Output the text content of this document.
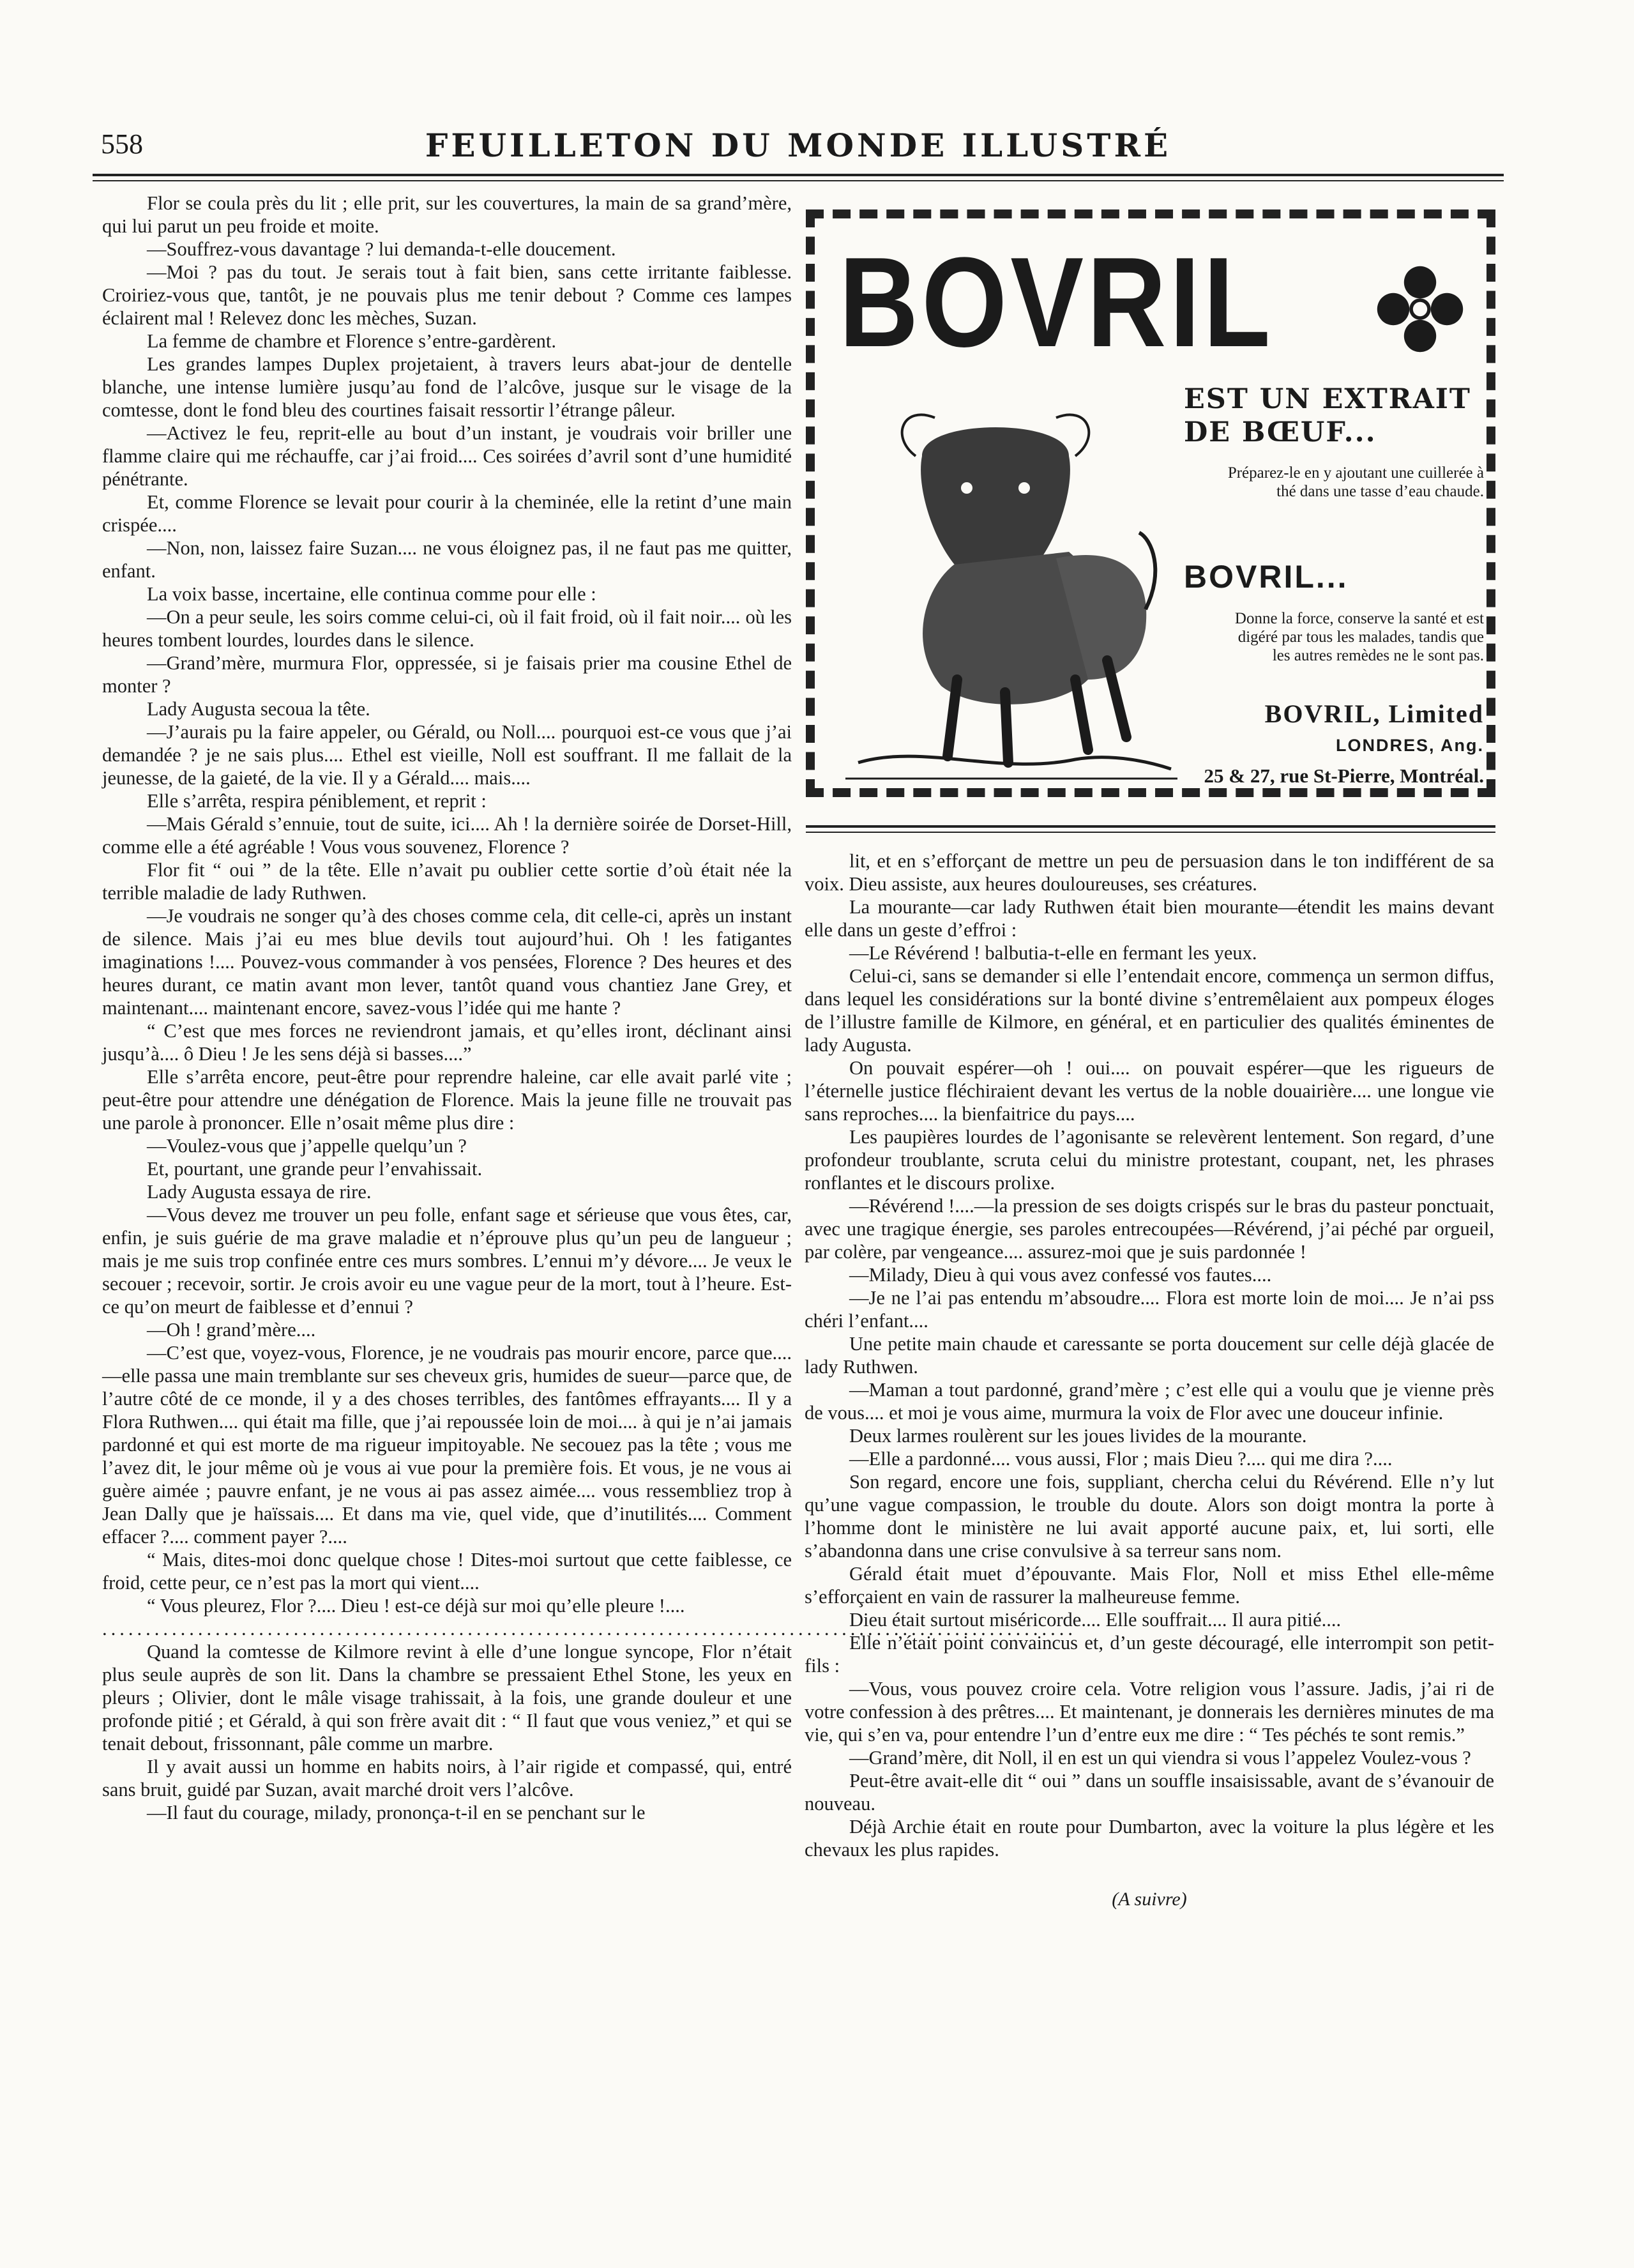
558	FEUILLETON DU MONDE ILLUSTRÉ

Flor se coula près du lit ; elle prit, sur les couvertures, la main de sa grand’mère, qui lui parut un peu froide et moite.

—Souffrez-vous davantage ? lui demanda-t-elle doucement.

—Moi ? pas du tout. Je serais tout à fait bien, sans cette irritante faiblesse. Croiriez-vous que, tantôt, je ne pouvais plus me tenir debout ? Comme ces lampes éclairent mal ! Relevez donc les mèches, Suzan.

La femme de chambre et Florence s’entre-gardèrent.

Les grandes lampes Duplex projetaient, à travers leurs abat-jour de dentelle blanche, une intense lumière jusqu’au fond de l’alcôve, jusque sur le visage de la comtesse, dont le fond bleu des courtines faisait ressortir l’étrange pâleur.

—Activez le feu, reprit-elle au bout d’un instant, je voudrais voir briller une flamme claire qui me réchauffe, car j’ai froid.... Ces soirées d’avril sont d’une humidité pénétrante.

Et, comme Florence se levait pour courir à la cheminée, elle la retint d’une main crispée....

—Non, non, laissez faire Suzan.... ne vous éloignez pas, il ne faut pas me quitter, enfant.

La voix basse, incertaine, elle continua comme pour elle :

—On a peur seule, les soirs comme celui-ci, où il fait froid, où il fait noir.... où les heures tombent lourdes, lourdes dans le silence.

—Grand’mère, murmura Flor, oppressée, si je faisais prier ma cousine Ethel de monter ?

Lady Augusta secoua la tête.

—J’aurais pu la faire appeler, ou Gérald, ou Noll.... pourquoi est-ce vous que j’ai demandée ? je ne sais plus.... Ethel est vieille, Noll est souffrant. Il me fallait de la jeunesse, de la gaieté, de la vie. Il y a Gérald.... mais....

Elle s’arrêta, respira péniblement, et reprit :

—Mais Gérald s’ennuie, tout de suite, ici.... Ah ! la dernière soirée de Dorset-Hill, comme elle a été agréable ! Vous vous souvenez, Florence ?

Flor fit “ oui ” de la tête. Elle n’avait pu oublier cette sortie d’où était née la terrible maladie de lady Ruthwen.

—Je voudrais ne songer qu’à des choses comme cela, dit celle-ci, après un instant de silence. Mais j’ai eu mes blue devils tout aujourd’hui. Oh ! les fatigantes imaginations !.... Pouvez-vous commander à vos pensées, Florence ? Des heures et des heures durant, ce matin avant mon lever, tantôt quand vous chantiez Jane Grey, et maintenant.... maintenant encore, savez-vous l’idée qui me hante ?

“ C’est que mes forces ne reviendront jamais, et qu’elles iront, déclinant ainsi jusqu’à.... ô Dieu ! Je les sens déjà si basses....”

Elle s’arrêta encore, peut-être pour reprendre haleine, car elle avait parlé vite ; peut-être pour attendre une dénégation de Florence. Mais la jeune fille ne trouvait pas une parole à prononcer. Elle n’osait même plus dire :

—Voulez-vous que j’appelle quelqu’un ?

Et, pourtant, une grande peur l’envahissait.

Lady Augusta essaya de rire.

—Vous devez me trouver un peu folle, enfant sage et sérieuse que vous êtes, car, enfin, je suis guérie de ma grave maladie et n’éprouve plus qu’un peu de langueur ; mais je me suis trop confinée entre ces murs sombres. L’ennui m’y dévore.... Je veux le secouer ; recevoir, sortir. Je crois avoir eu une vague peur de la mort, tout à l’heure. Est-ce qu’on meurt de faiblesse et d’ennui ?

—Oh ! grand’mère....

—C’est que, voyez-vous, Florence, je ne voudrais pas mourir encore, parce que....—elle passa une main tremblante sur ses cheveux gris, humides de sueur—parce que, de l’autre côté de ce monde, il y a des choses terribles, des fantômes effrayants.... Il y a Flora Ruthwen.... qui était ma fille, que j’ai repoussée loin de moi.... à qui je n’ai jamais pardonné et qui est morte de ma rigueur impitoyable. Ne secouez pas la tête ; vous me l’avez dit, le jour même où je vous ai vue pour la première fois. Et vous, je ne vous ai guère aimée ; pauvre enfant, je ne vous ai pas assez aimée.... vous ressembliez trop à Jean Dally que je haïssais.... Et dans ma vie, quel vide, que d’inutilités.... Comment effacer ?.... comment payer ?....

“ Mais, dites-moi donc quelque chose ! Dites-moi surtout que cette faiblesse, ce froid, cette peur, ce n’est pas la mort qui vient....

“ Vous pleurez, Flor ?.... Dieu ! est-ce déjà sur moi qu’elle pleure !....

................................................................................................................

Quand la comtesse de Kilmore revint à elle d’une longue syncope, Flor n’était plus seule auprès de son lit. Dans la chambre se pressaient Ethel Stone, les yeux en pleurs ; Olivier, dont le mâle visage trahissait, à la fois, une grande douleur et une profonde pitié ; et Gérald, à qui son frère avait dit : “ Il faut que vous veniez,” et qui se tenait debout, frissonnant, pâle comme un marbre.

Il y avait aussi un homme en habits noirs, à l’air rigide et compassé, qui, entré sans bruit, guidé par Suzan, avait marché droit vers l’alcôve.

—Il faut du courage, milady, prononça-t-il en se penchant sur le

BOVRIL
EST UN EXTRAIT
DE BŒUF...
Préparez-le en y ajoutant une cuillerée à thé dans une tasse d’eau chaude.
BOVRIL...
Donne la force, conserve la santé et est digéré par tous les malades, tandis que les autres remèdes ne le sont pas.
BOVRIL, Limited
LONDRES, Ang.
25 & 27, rue St-Pierre, Montréal.

lit, et en s’efforçant de mettre un peu de persuasion dans le ton indifférent de sa voix. Dieu assiste, aux heures douloureuses, ses créatures.

La mourante—car lady Ruthwen était bien mourante—étendit les mains devant elle dans un geste d’effroi :

—Le Révérend ! balbutia-t-elle en fermant les yeux.

Celui-ci, sans se demander si elle l’entendait encore, commença un sermon diffus, dans lequel les considérations sur la bonté divine s’entremêlaient aux pompeux éloges de l’illustre famille de Kilmore, en général, et en particulier des qualités éminentes de lady Augusta.

On pouvait espérer—oh ! oui.... on pouvait espérer—que les rigueurs de l’éternelle justice fléchiraient devant les vertus de la noble douairière.... une longue vie sans reproches.... la bienfaitrice du pays....

Les paupières lourdes de l’agonisante se relevèrent lentement. Son regard, d’une profondeur troublante, scruta celui du ministre protestant, coupant, net, les phrases ronflantes et le discours prolixe.

—Révérend !....—la pression de ses doigts crispés sur le bras du pasteur ponctuait, avec une tragique énergie, ses paroles entrecoupées—Révérend, j’ai péché par orgueil, par colère, par vengeance.... assurez-moi que je suis pardonnée !

—Milady, Dieu à qui vous avez confessé vos fautes....

—Je ne l’ai pas entendu m’absoudre.... Flora est morte loin de moi.... Je n’ai pss chéri l’enfant....

Une petite main chaude et caressante se porta doucement sur celle déjà glacée de lady Ruthwen.

—Maman a tout pardonné, grand’mère ; c’est elle qui a voulu que je vienne près de vous.... et moi je vous aime, murmura la voix de Flor avec une douceur infinie.

Deux larmes roulèrent sur les joues livides de la mourante.

—Elle a pardonné.... vous aussi, Flor ; mais Dieu ?.... qui me dira ?....

Son regard, encore une fois, suppliant, chercha celui du Révérend. Elle n’y lut qu’une vague compassion, le trouble du doute. Alors son doigt montra la porte à l’homme dont le ministère ne lui avait apporté aucune paix, et, lui sorti, elle s’abandonna dans une crise convulsive à sa terreur sans nom.

Gérald était muet d’épouvante. Mais Flor, Noll et miss Ethel elle-même s’efforçaient en vain de rassurer la malheureuse femme.

Dieu était surtout miséricorde.... Elle souffrait.... Il aura pitié....

Elle n’était point convaincus et, d’un geste découragé, elle interrompit son petit-fils :

—Vous, vous pouvez croire cela. Votre religion vous l’assure. Jadis, j’ai ri de votre confession à des prêtres.... Et maintenant, je donnerais les dernières minutes de ma vie, qui s’en va, pour entendre l’un d’entre eux me dire : “ Tes péchés te sont remis.”

—Grand’mère, dit Noll, il en est un qui viendra si vous l’appelez Voulez-vous ?

Peut-être avait-elle dit “ oui ” dans un souffle insaisissable, avant de s’évanouir de nouveau.

Déjà Archie était en route pour Dumbarton, avec la voiture la plus légère et les chevaux les plus rapides.

(A suivre)
